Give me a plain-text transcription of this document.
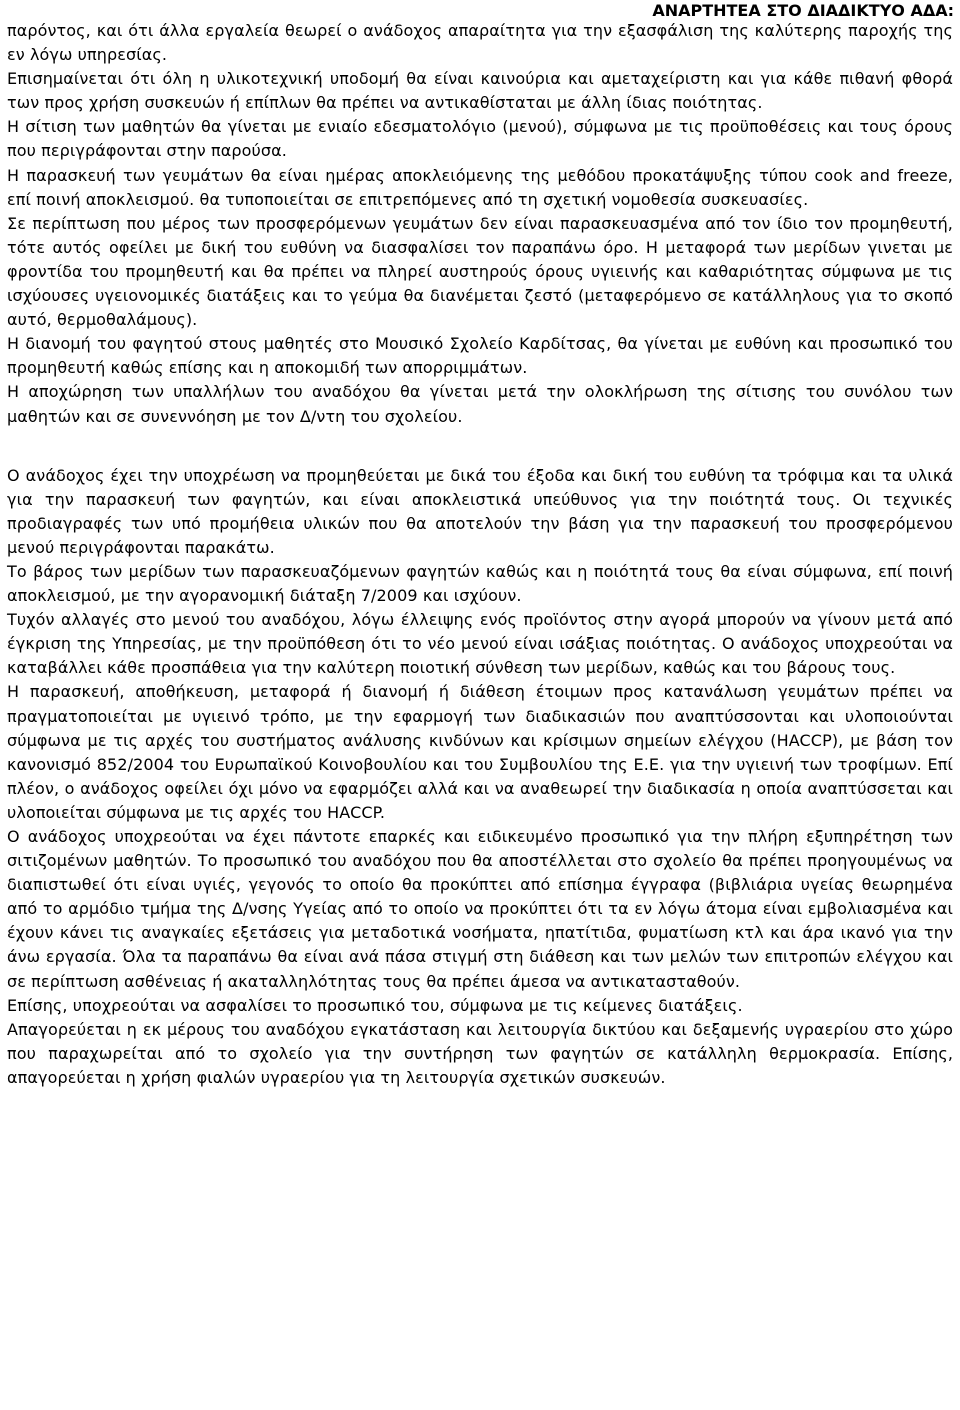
ΑΝΑΡΤΗΤΕΑ ΣΤΟ ΔΙΑΔΙΚΤΥΟ ΑΔΑ:

παρόντος, και ότι άλλα εργαλεία θεωρεί ο ανάδοχος απαραίτητα για την εξασφάλιση της καλύτερης παροχής της εν λόγω υπηρεσίας.

Επισημαίνεται ότι όλη η υλικοτεχνική υποδομή θα είναι καινούρια και αμεταχείριστη και για κάθε πιθανή φθορά των προς χρήση συσκευών ή επίπλων θα πρέπει να αντικαθίσταται με άλλη ίδιας ποιότητας.

Η σίτιση των μαθητών θα γίνεται με ενιαίο εδεσματολόγιο (μενού), σύμφωνα με τις προϋποθέσεις και τους όρους που περιγράφονται στην παρούσα.

Η παρασκευή των γευμάτων θα είναι ημέρας αποκλειόμενης της μεθόδου προκατάψυξης τύπου cook and freeze, επί ποινή αποκλεισμού. θα τυποποιείται σε επιτρεπόμενες από τη σχετική νομοθεσία συσκευασίες.

Σε περίπτωση που μέρος των προσφερόμενων γευμάτων δεν είναι παρασκευασμένα από τον ίδιο τον προμηθευτή, τότε αυτός οφείλει με δική του ευθύνη να διασφαλίσει τον παραπάνω όρο. Η μεταφορά των μερίδων γινεται με φροντίδα του προμηθευτή και θα πρέπει να πληρεί αυστηρούς όρους υγιεινής και καθαριότητας σύμφωνα με τις ισχύουσες υγειονομικές διατάξεις και το γεύμα θα διανέμεται ζεστό (μεταφερόμενο σε κατάλληλους για το σκοπό αυτό, θερμοθαλάμους).

Η διανομή του φαγητού στους μαθητές στο Μουσικό Σχολείο Καρδίτσας, θα γίνεται με ευθύνη και προσωπικό του προμηθευτή καθώς επίσης και η αποκομιδή των απορριμμάτων.

Η αποχώρηση των υπαλλήλων του αναδόχου θα γίνεται μετά την ολοκλήρωση της σίτισης του συνόλου των μαθητών και σε συνεννόηση με τον Δ/ντη του σχολείου.

Ο ανάδοχος έχει την υποχρέωση να προμηθεύεται με δικά του έξοδα και δική του ευθύνη τα τρόφιμα και τα υλικά για την παρασκευή των φαγητών, και είναι αποκλειστικά υπεύθυνος για την ποιότητά τους. Οι τεχνικές προδιαγραφές των υπό προμήθεια υλικών που θα αποτελούν την βάση για την παρασκευή του προσφερόμενου μενού περιγράφονται παρακάτω.

Το βάρος των μερίδων των παρασκευαζόμενων φαγητών καθώς και η ποιότητά τους θα είναι σύμφωνα, επί ποινή αποκλεισμού, με την αγορανομική διάταξη 7/2009 και ισχύουν.

Τυχόν αλλαγές στο μενού του αναδόχου, λόγω έλλειψης ενός προϊόντος στην αγορά μπορούν να γίνουν μετά από έγκριση της Υπηρεσίας, με την προϋπόθεση ότι το νέο μενού είναι ισάξιας ποιότητας. Ο ανάδοχος υποχρεούται να καταβάλλει κάθε προσπάθεια για την καλύτερη ποιοτική σύνθεση των μερίδων, καθώς και του βάρους τους.

Η παρασκευή, αποθήκευση, μεταφορά ή διανομή ή διάθεση έτοιμων προς κατανάλωση γευμάτων πρέπει να πραγματοποιείται με υγιεινό τρόπο, με την εφαρμογή των διαδικασιών που αναπτύσσονται και υλοποιούνται σύμφωνα με τις αρχές του συστήματος ανάλυσης κινδύνων και κρίσιμων σημείων ελέγχου (HACCP), με βάση τον κανονισμό 852/2004 του Ευρωπαϊκού Κοινοβουλίου και του Συμβουλίου της Ε.Ε. για την υγιεινή των τροφίμων. Επί πλέον, ο ανάδοχος οφείλει όχι μόνο να εφαρμόζει αλλά και να αναθεωρεί την διαδικασία η οποία αναπτύσσεται και υλοποιείται σύμφωνα με τις αρχές του HACCP.

Ο ανάδοχος υποχρεούται να έχει πάντοτε επαρκές και ειδικευμένο προσωπικό για την πλήρη εξυπηρέτηση των σιτιζομένων μαθητών. Το προσωπικό του αναδόχου που θα αποστέλλεται στο σχολείο θα πρέπει προηγουμένως να διαπιστωθεί ότι είναι υγιές, γεγονός το οποίο θα προκύπτει από επίσημα έγγραφα (βιβλιάρια υγείας θεωρημένα από το αρμόδιο τμήμα της Δ/νσης Υγείας από το οποίο να προκύπτει ότι τα εν λόγω άτομα είναι εμβολιασμένα και έχουν κάνει τις αναγκαίες εξετάσεις για μεταδοτικά νοσήματα, ηπατίτιδα, φυματίωση κτλ και άρα ικανό για την άνω εργασία. Όλα τα παραπάνω θα είναι ανά πάσα στιγμή στη διάθεση και των μελών των επιτροπών ελέγχου και σε περίπτωση ασθένειας ή ακαταλληλότητας τους θα πρέπει άμεσα να αντικατασταθούν.

Επίσης, υποχρεούται να ασφαλίσει το προσωπικό του, σύμφωνα με τις κείμενες διατάξεις.

Απαγορεύεται η εκ μέρους του αναδόχου εγκατάσταση και λειτουργία δικτύου και δεξαμενής υγραερίου στο χώρο που παραχωρείται από το σχολείο για την συντήρηση των φαγητών σε κατάλληλη θερμοκρασία. Επίσης, απαγορεύεται η χρήση φιαλών υγραερίου για τη λειτουργία σχετικών συσκευών.
